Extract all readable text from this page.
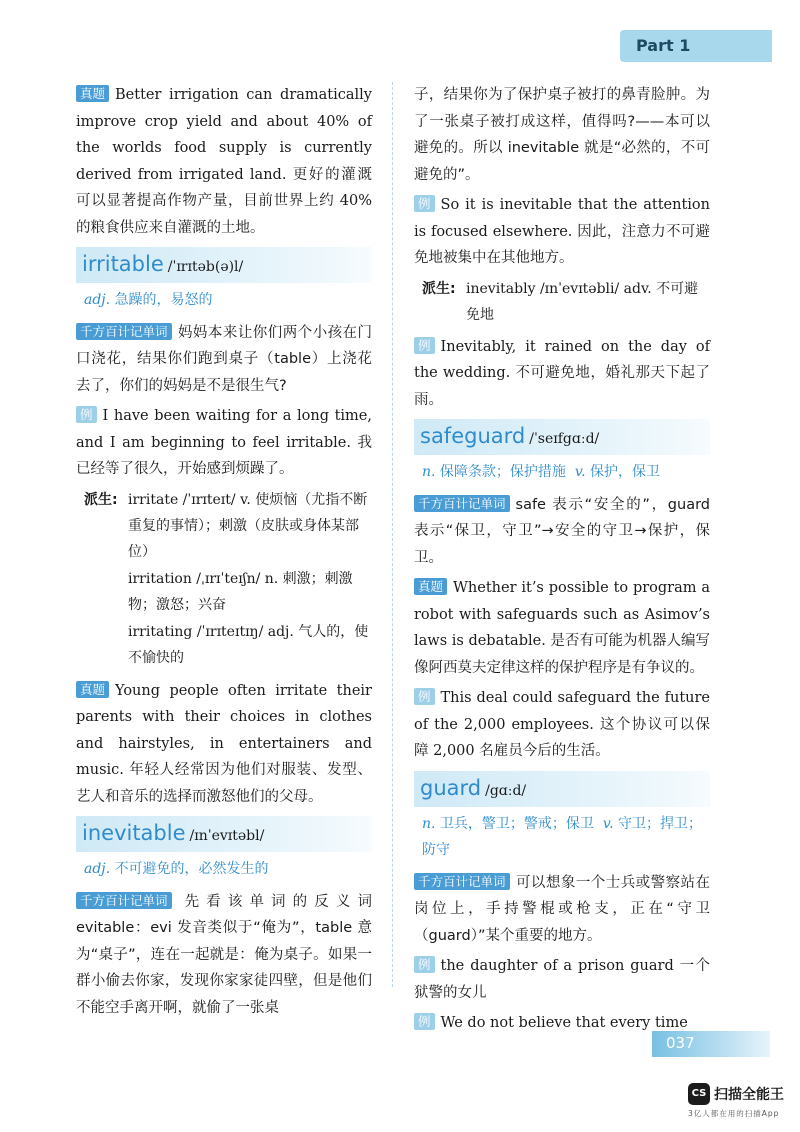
Part 1
真题 Better irrigation can dramatically improve crop yield and about 40% of the worlds food supply is currently derived from irrigated land. 更好的灌溉可以显著提高作物产量，目前世界上约 40% 的粮食供应来自灌溉的土地。
irritable /ˈɪrɪtəb(ə)l/
adj. 急躁的，易怒的
千方百计记单词 妈妈本来让你们两个小孩在门口浇花，结果你们跑到桌子（table）上浇花去了，你们的妈妈是不是很生气?
例 I have been waiting for a long time, and I am beginning to feel irritable. 我已经等了很久，开始感到烦躁了。
派生: irritate /ˈɪrɪteɪt/ v. 使烦恼（尤指不断重复的事情）；刺激（皮肤或身体某部位）
irritation /ˌɪrɪˈteɪʃn/ n. 刺激；刺激物；激怒；兴奋
irritating /ˈɪrɪteɪtɪŋ/ adj. 气人的，使不愉快的
真题 Young people often irritate their parents with their choices in clothes and hairstyles, in entertainers and music. 年轻人经常因为他们对服装、发型、艺人和音乐的选择而激怒他们的父母。
inevitable /ɪnˈevɪtəbl/
adj. 不可避免的，必然发生的
千方百计记单词 先看该单词的反义词 evitable：evi 发音类似于“俺为”，table 意为“桌子”，连在一起就是：俺为桌子。如果一群小偷去你家，发现你家家徒四壁，但是他们不能空手离开啊，就偷了一张桌
子，结果你为了保护桌子被打的鼻青脸肿。为了一张桌子被打成这样，值得吗?——本可以避免的。所以 inevitable 就是“必然的，不可避免的”。
例 So it is inevitable that the attention is focused elsewhere. 因此，注意力不可避免地被集中在其他地方。
派生: inevitably /ɪnˈevɪtəbli/ adv. 不可避免地
例 Inevitably, it rained on the day of the wedding. 不可避免地，婚礼那天下起了雨。
safeguard /ˈseɪfgɑːd/
n. 保障条款；保护措施 v. 保护，保卫
千方百计记单词 safe 表示“安全的”，guard 表示“保卫，守卫”→安全的守卫→保护，保卫。
真题 Whether it’s possible to program a robot with safeguards such as Asimov’s laws is debatable. 是否有可能为机器人编写像阿西莫夫定律这样的保护程序是有争议的。
例 This deal could safeguard the future of the 2,000 employees. 这个协议可以保障 2,000 名雇员今后的生活。
guard /gɑːd/
n. 卫兵，警卫；警戒；保卫 v. 守卫；捍卫；防守
千方百计记单词 可以想象一个士兵或警察站在岗位上，手持警棍或枪支，正在“守卫（guard）”某个重要的地方。
例 the daughter of a prison guard 一个狱警的女儿
例 We do not believe that every time
037
CS 扫描全能王
3亿人都在用的扫描App
